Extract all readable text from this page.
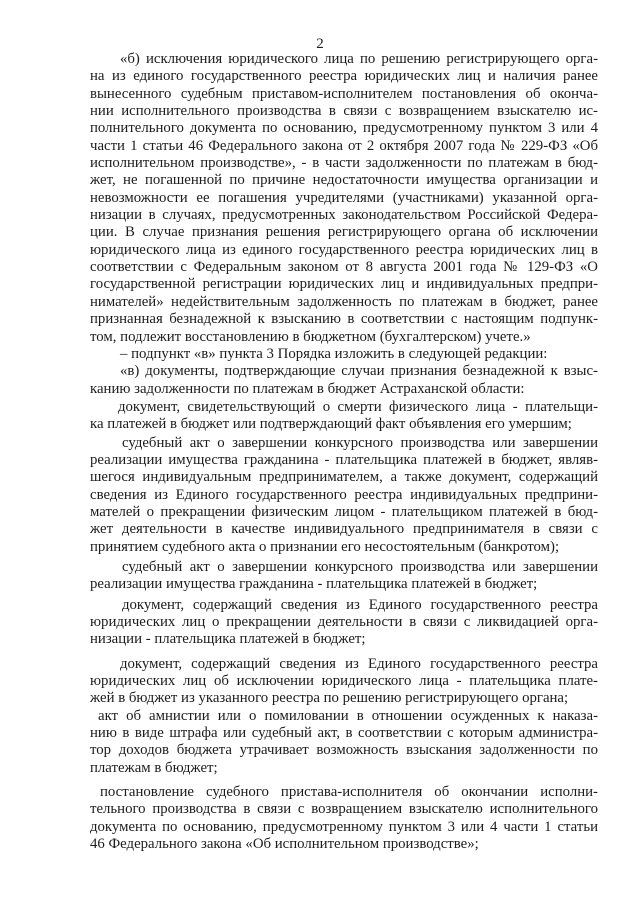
2
«б) исключения юридического лица по решению регистрирующего орга-
на из единого государственного реестра юридических лиц и наличия ранее
вынесенного судебным приставом-исполнителем постановления об оконча-
нии исполнительного производства в связи с возвращением взыскателю ис-
полнительного документа по основанию, предусмотренному пунктом 3 или 4
части 1 статьи 46 Федерального закона от 2 октября 2007 года № 229-ФЗ «Об
исполнительном производстве», - в части задолженности по платежам в бюд-
жет, не погашенной по причине недостаточности имущества организации и
невозможности ее погашения учредителями (участниками) указанной орга-
низации в случаях, предусмотренных законодательством Российской Федера-
ции. В случае признания решения регистрирующего органа об исключении
юридического лица из единого государственного реестра юридических лиц в
соответствии с Федеральным законом от 8 августа 2001 года № 129-ФЗ «О
государственной регистрации юридических лиц и индивидуальных предпри-
нимателей» недействительным задолженность по платежам в бюджет, ранее
признанная безнадежной к взысканию в соответствии с настоящим подпунк-
том, подлежит восстановлению в бюджетном (бухгалтерском) учете.»
– подпункт «в» пункта 3 Порядка изложить в следующей редакции:
«в) документы, подтверждающие случаи признания безнадежной к взыс-
канию задолженности по платежам в бюджет Астраханской области:
документ, свидетельствующий о смерти физического лица - плательщи-
ка платежей в бюджет или подтверждающий факт объявления его умершим;
судебный акт о завершении конкурсного производства или завершении
реализации имущества гражданина - плательщика платежей в бюджет, являв-
шегося индивидуальным предпринимателем, а также документ, содержащий
сведения из Единого государственного реестра индивидуальных предприни-
мателей о прекращении физическим лицом - плательщиком платежей в бюд-
жет деятельности в качестве индивидуального предпринимателя в связи с
принятием судебного акта о признании его несостоятельным (банкротом);
судебный акт о завершении конкурсного производства или завершении
реализации имущества гражданина - плательщика платежей в бюджет;
документ, содержащий сведения из Единого государственного реестра
юридических лиц о прекращении деятельности в связи с ликвидацией орга-
низации - плательщика платежей в бюджет;
документ, содержащий сведения из Единого государственного реестра
юридических лиц об исключении юридического лица - плательщика плате-
жей в бюджет из указанного реестра по решению регистрирующего органа;
акт об амнистии или о помиловании в отношении осужденных к наказа-
нию в виде штрафа или судебный акт, в соответствии с которым администра-
тор доходов бюджета утрачивает возможность взыскания задолженности по
платежам в бюджет;
постановление судебного пристава-исполнителя об окончании исполни-
тельного производства в связи с возвращением взыскателю исполнительного
документа по основанию, предусмотренному пунктом 3 или 4 части 1 статьи
46 Федерального закона «Об исполнительном производстве»;
